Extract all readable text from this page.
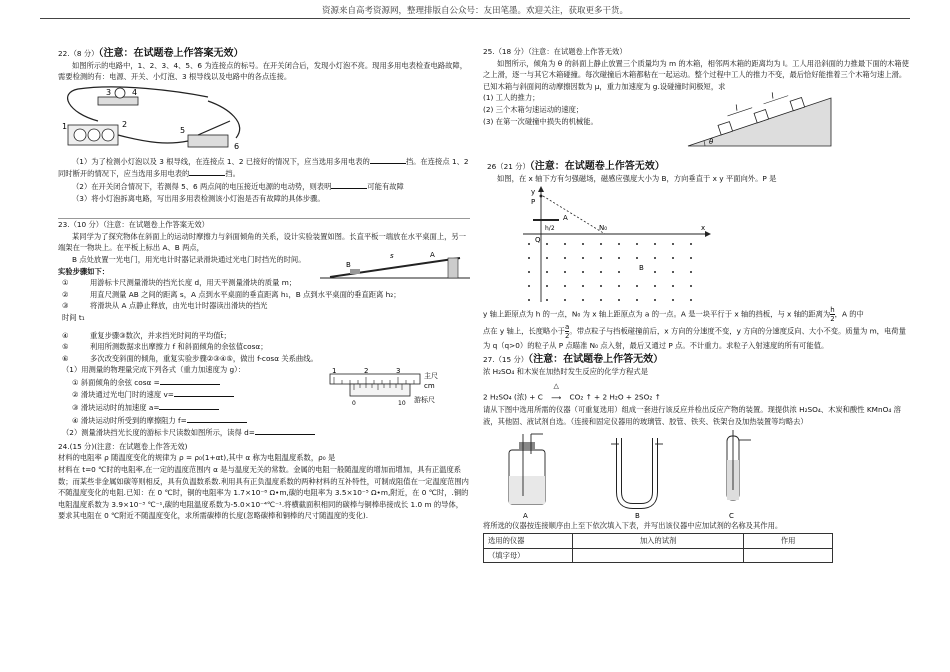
资源来自高考资源网，整理排版自公众号：友田笔墨。欢迎关注，获取更多干货。

22.（8 分）（注意：在试题卷上作答案无效）

如图所示的电路中，1、2、3、4、5、6 为连接点的标号。在开关闭合后，发现小灯泡不亮。现用多用电表检查电路故障，需要检测的有：电源、开关、小灯泡、3 根导线以及电路中的各点连接。

3	4
1	2
5
6

（1）为了检测小灯泡以及 3 根导线，在连接点 1、2 已接好的情况下，应当选用多用电表的	挡。在连接点 1、2 同时断开的情况下，应当选用多用电表的	挡。

（2）在开关闭合情况下，若测得 5、6 两点间的电压接近电源的电动势，则表明	可能有故障

（3）将小灯泡拆离电路，写出用多用表检测该小灯泡是否有故障的具体步骤。

23.（10 分）（注意：在试题卷上作答案无效）

某同学为了探究物体在斜面上的运动时摩擦力与斜面倾角的关系，设计实验装置如图。长直平板一端放在水平桌面上，另一端架在一物块上。在平板上标出 A、B 两点，

B 点处放置一光电门，用光电计时器记录滑块通过光电门时挡光的时间。

B
A
s

实验步骤如下：

①	用游标卡尺测量滑块的挡光长度 d，用天平测量滑块的质量 m；
②	用直尺测量 AB 之间的距离 s，A 点到水平桌面的垂直距离 h₁，B 点到水平桌面的垂直距离 h₂；
③	将滑块从 A 点静止释放，由光电计时器读出滑块的挡光

时间 t₁

④	重复步骤③数次，并求挡光时间的平均值t̄；
⑤	利用所测数据求出摩擦力 f 和斜面倾角的余弦值cosα；
⑥	多次改变斜面的倾角，重复实验步骤②③④⑤，做出 f-cosα 关系曲线。

（1）用测量的物理量完成下列各式（重力加速度为 g）：

① 斜面倾角的余弦 cosα =

② 滑块通过光电门时的速度 v=

③ 滑块运动时的加速度 a=

④ 滑块运动时所受到的摩擦阻力 f=

1	2	3
0	10
主尺
cm
游标尺

（2）测量滑块挡光长度的游标卡尺读数如图所示，读得 d=

24.(15 分)(注意：在试题卷上作答无效)

材料的电阻率 ρ 随温度变化的规律为 ρ = ρ₀(1+αt),其中 α 称为电阻温度系数，ρ₀ 是

材料在 t=0 ℃时的电阻率,在一定的温度范围内 α 是与温度无关的常数。金属的电阻一般随温度的增加而增加，具有正温度系数；而某些非金属如碳等则相反，具有负温数系数.利用具有正负温度系数的两种材料的互补特性，可制成阻值在一定温度范围内不随温度变化的电阻.已知：在 0 ℃时，铜的电阻率为 1.7×10⁻⁸ Ω•m,碳的电阻率为 3.5×10⁻⁵ Ω•m,附近，在 0 ℃时，.铜的电阻温度系数为 3.9×10⁻³ ℃⁻¹,碳的电阻温度系数为-5.0×10⁻⁴℃⁻¹.将横截面积相同的碳棒与铜棒串接成长 1.0 m 的导体，要求其电阻在 0 ℃附近不随温度变化，求所需碳棒的长度(忽略碳棒和铜棒的尺寸随温度的变化).

25.（18 分）（注意：在试题卷上作答无效）

如图所示，倾角为 θ 的斜面上静止放置三个质量均为 m 的木箱，相邻两木箱的距离均为 l。工人用沿斜面的力推最下面的木箱使之上滑，逐一与其它木箱碰撞。每次碰撞后木箱都粘在一起运动。整个过程中工人的推力不变，最后恰好能推着三个木箱匀速上滑。已知木箱与斜面间的动摩擦因数为 μ，重力加速度为 g.设碰撞时间极短，求

(1) 工人的推力；

(2) 三个木箱匀速运动的速度；

(3) 在第一次碰撞中损失的机械能。

l
l
θ

26（21 分）（注意：在试题卷上作答无效）

如图，在 x 轴下方有匀强磁场，磁感应强度大小为 B，方向垂直于 x y 平面向外。P 是

y
P
h/2
A
Q
N₀	x
B

y 轴上距原点为 h 的一点，N₀ 为 x 轴上距原点为 a 的一点。A 是一块平行于 x 轴的挡板，与 x 轴的距离为 $\frac{h}{2}$ ，A 的中

点在 y 轴上，长度略小于 $\frac{a}{2}$ 。带点粒子与挡板碰撞前后，x 方向的分速度不变，y 方向的分速度反向、大小不变。质量为 m，电荷量为 q（q>0）的粒子从 P 点瞄准 N₀ 点入射，最后又通过 P 点。不计重力。求粒子入射速度的所有可能值。

27.（15 分）（注意：在试题卷上作答无效）

浓 H₂SO₄ 和木炭在加热时发生反应的化学方程式是

2 H₂SO₄ (浓) + C △
⟶ CO₂ ↑ + 2 H₂O + 2SO₂ ↑

请从下图中选用所需的仪器（可重复选用）组成一套进行该反应并检出反应产物的装置。现提供浓 H₂SO₄、木炭和酸性 KMnO₄ 溶液，其他固、液试剂自选。（连接和固定仪器用的玻璃管、胶管、铁夹、铁架台及加热装置等均略去）

A	B	C

将所选的仪器按连接顺序由上至下依次填入下表，并写出该仪器中应加试剂的名称及其作用。

选用的仪器	加入的试剂	作用
（填字母）		
